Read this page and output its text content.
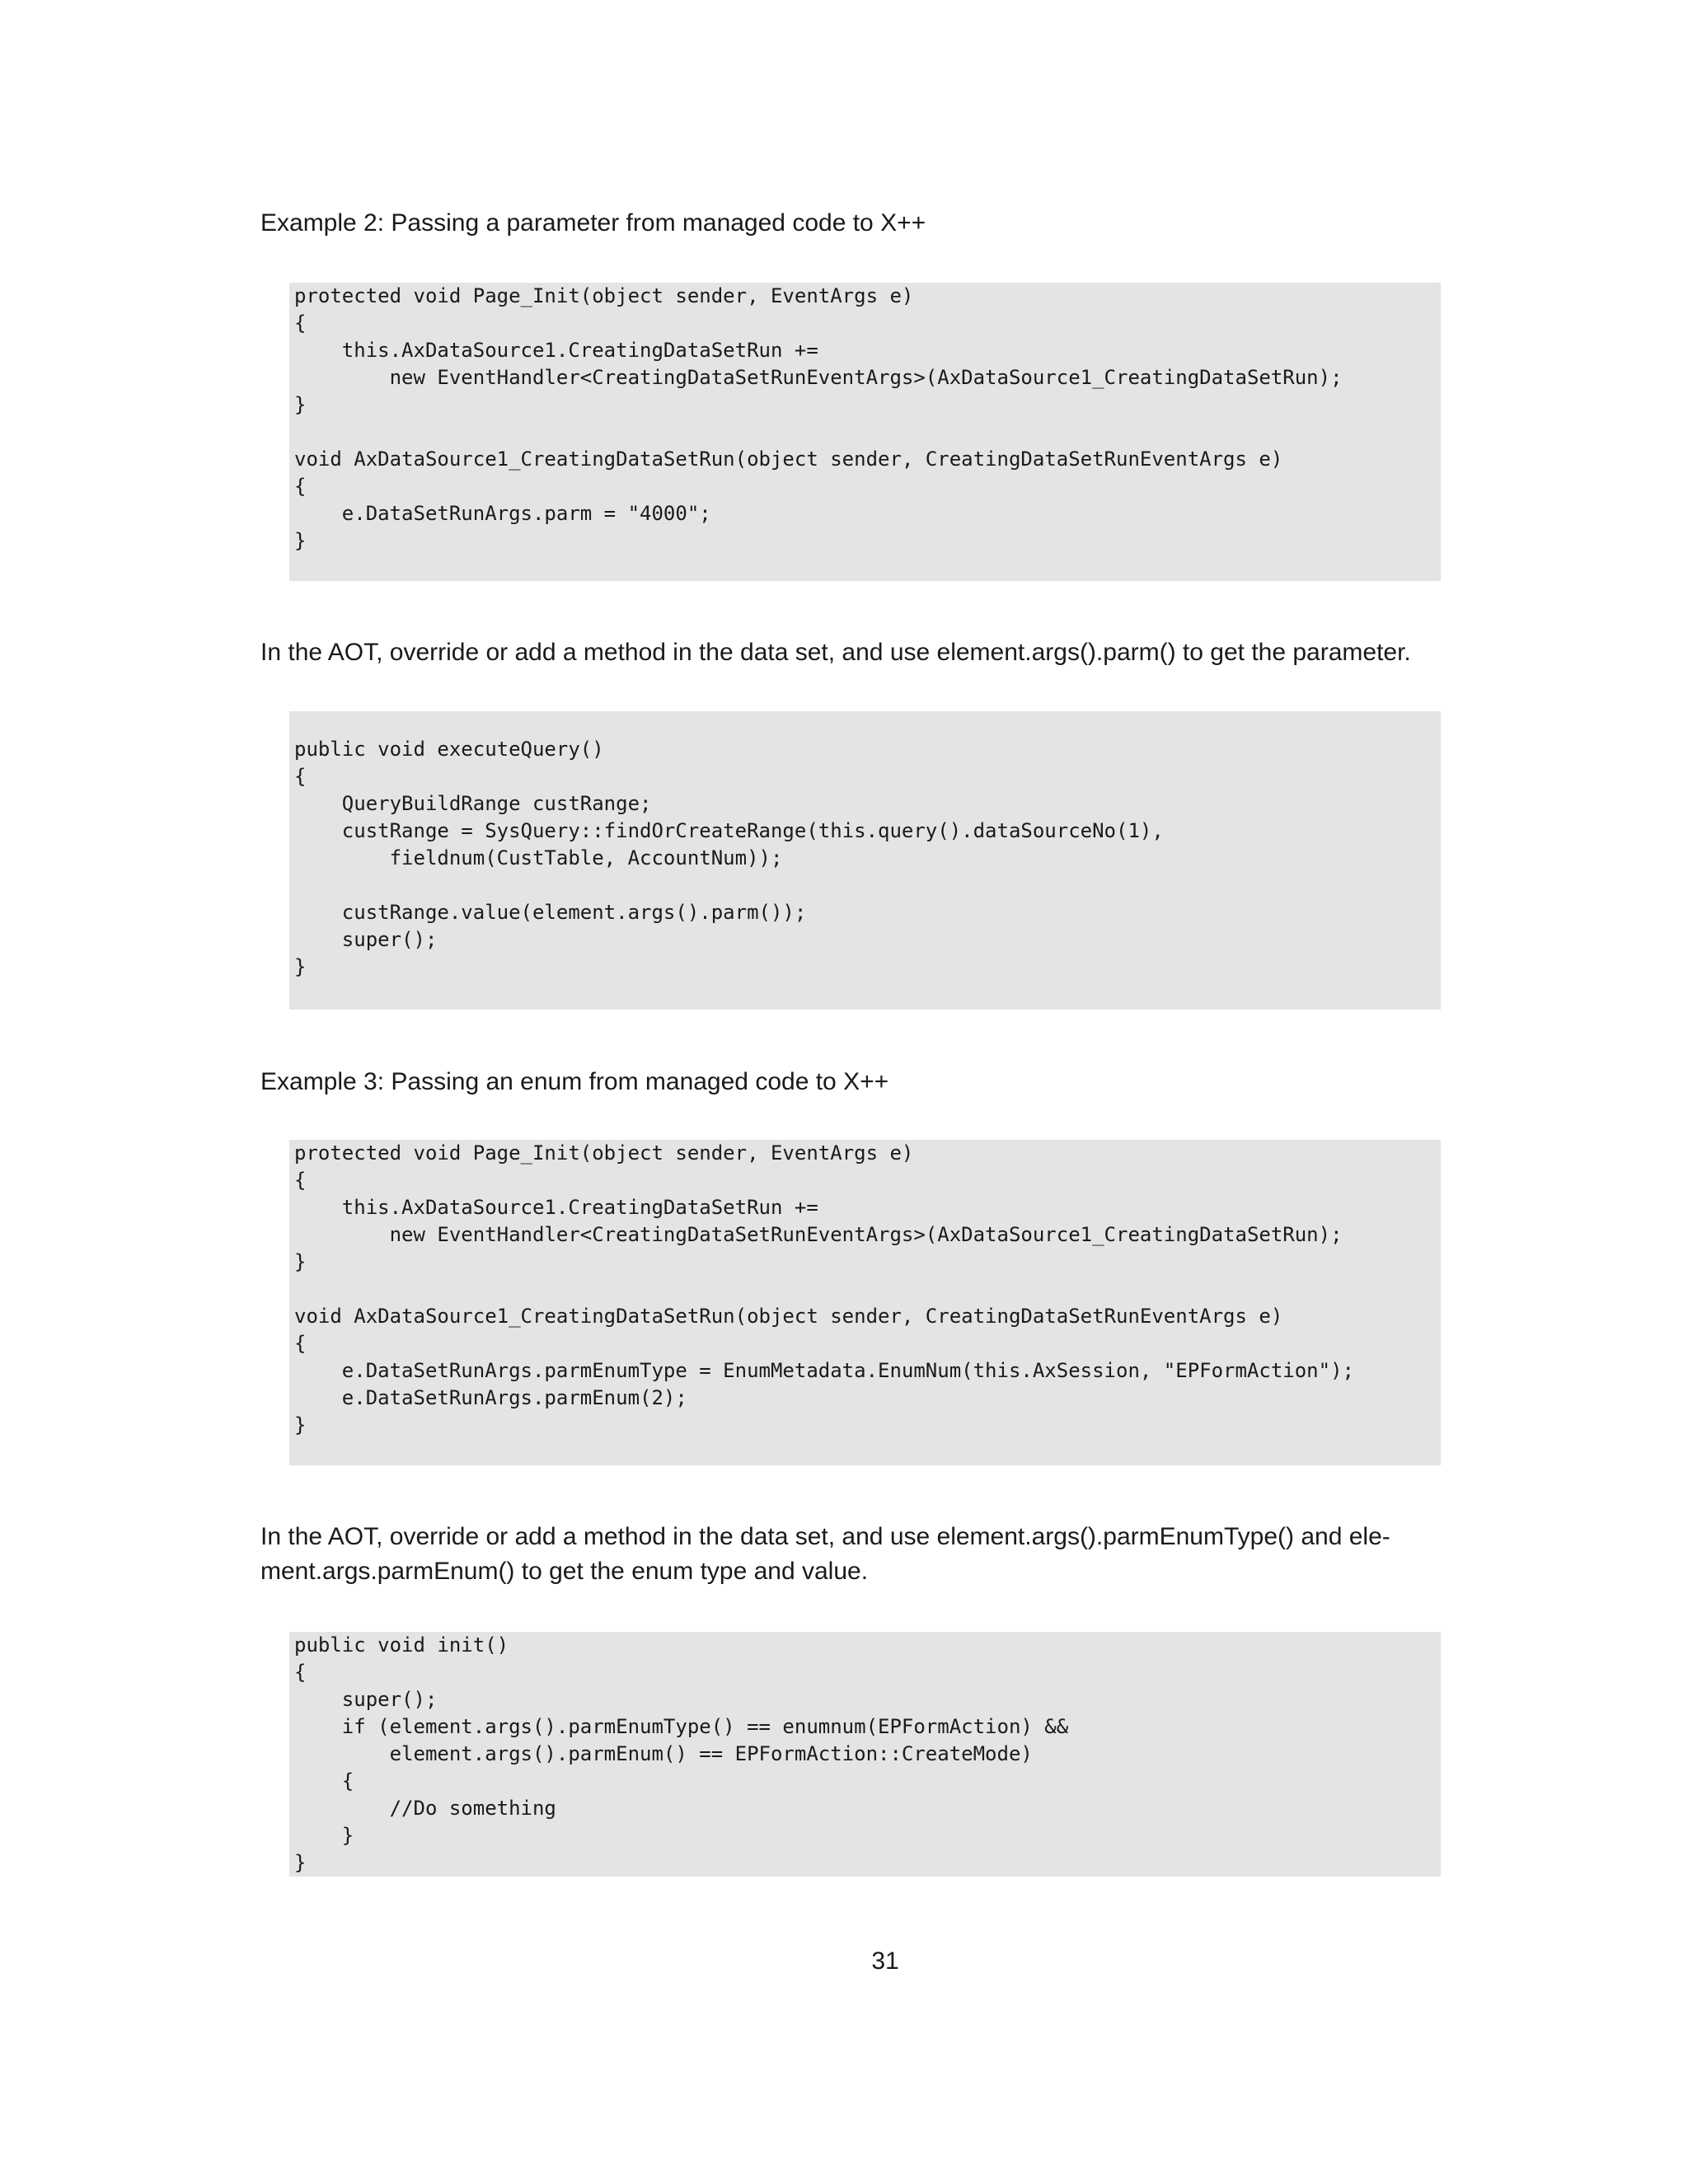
Example 2: Passing a parameter from managed code to X++

protected void Page_Init(object sender, EventArgs e)
{
this.AxDataSource1.CreatingDataSetRun +=
new EventHandler<CreatingDataSetRunEventArgs>(AxDataSource1_CreatingDataSetRun);
}

void AxDataSource1_CreatingDataSetRun(object sender, CreatingDataSetRunEventArgs e)
{
e.DataSetRunArgs.parm = "4000";
}

In the AOT, override or add a method in the data set, and use element.args().parm() to get the parameter.

public void executeQuery()
{
QueryBuildRange custRange;
custRange = SysQuery::findOrCreateRange(this.query().dataSourceNo(1),
fieldnum(CustTable, AccountNum));

custRange.value(element.args().parm());
super();
}

Example 3: Passing an enum from managed code to X++

protected void Page_Init(object sender, EventArgs e)
{
this.AxDataSource1.CreatingDataSetRun +=
new EventHandler<CreatingDataSetRunEventArgs>(AxDataSource1_CreatingDataSetRun);
}

void AxDataSource1_CreatingDataSetRun(object sender, CreatingDataSetRunEventArgs e)
{
e.DataSetRunArgs.parmEnumType = EnumMetadata.EnumNum(this.AxSession, "EPFormAction");
e.DataSetRunArgs.parmEnum(2);
}

In the AOT, override or add a method in the data set, and use element.args().parmEnumType() and ele-

ment.args.parmEnum() to get the enum type and value.

public void init()
{
super();
if (element.args().parmEnumType() == enumnum(EPFormAction) &&
element.args().parmEnum() == EPFormAction::CreateMode)
{
//Do something
}
}

31
